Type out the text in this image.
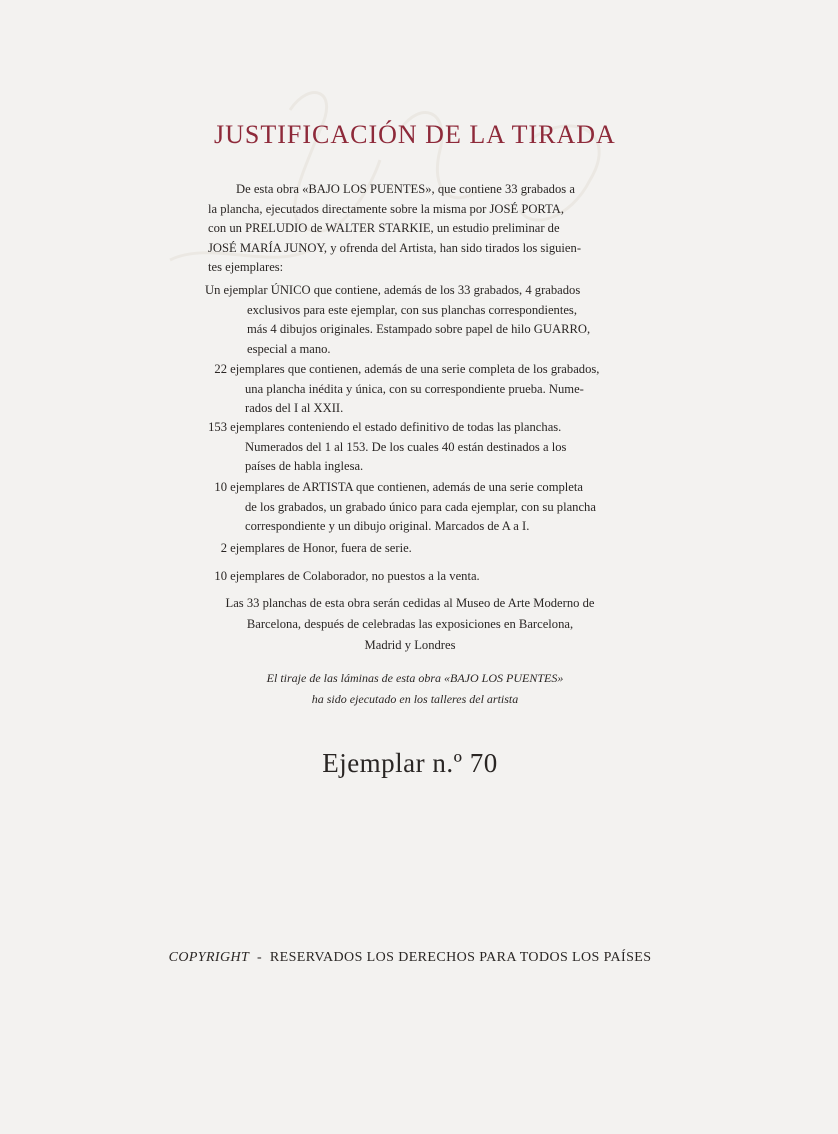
JUSTIFICACIÓN DE LA TIRADA

De esta obra «BAJO LOS PUENTES», que contiene 33 grabados a

la plancha, ejecutados directamente sobre la misma por JOSÉ PORTA,

con un PRELUDIO de WALTER STARKIE, un estudio preliminar de

JOSÉ MARÍA JUNOY, y ofrenda del Artista, han sido tirados los siguien-

tes ejemplares:

Un ejemplar ÚNICO que contiene, además de los 33 grabados, 4 grabados
exclusivos para este ejemplar, con sus planchas correspondientes,
más 4 dibujos originales. Estampado sobre papel de hilo GUARRO,
especial a mano.
22 ejemplares que contienen, además de una serie completa de los grabados,
una plancha inédita y única, con su correspondiente prueba. Nume-
rados del I al XXII.
153 ejemplares conteniendo el estado definitivo de todas las planchas.
Numerados del 1 al 153. De los cuales 40 están destinados a los
países de habla inglesa.
10 ejemplares de ARTISTA que contienen, además de una serie completa
de los grabados, un grabado único para cada ejemplar, con su plancha
correspondiente y un dibujo original. Marcados de A a I.
2 ejemplares de Honor, fuera de serie.
10 ejemplares de Colaborador, no puestos a la venta.

Las 33 planchas de esta obra serán cedidas al Museo de Arte Moderno de

Barcelona, después de celebradas las exposiciones en Barcelona,

Madrid y Londres

El tiraje de las láminas de esta obra «BAJO LOS PUENTES»

ha sido ejecutado en los talleres del artista

Ejemplar n.º 70
COPYRIGHT - RESERVADOS LOS DERECHOS PARA TODOS LOS PAÍSES
